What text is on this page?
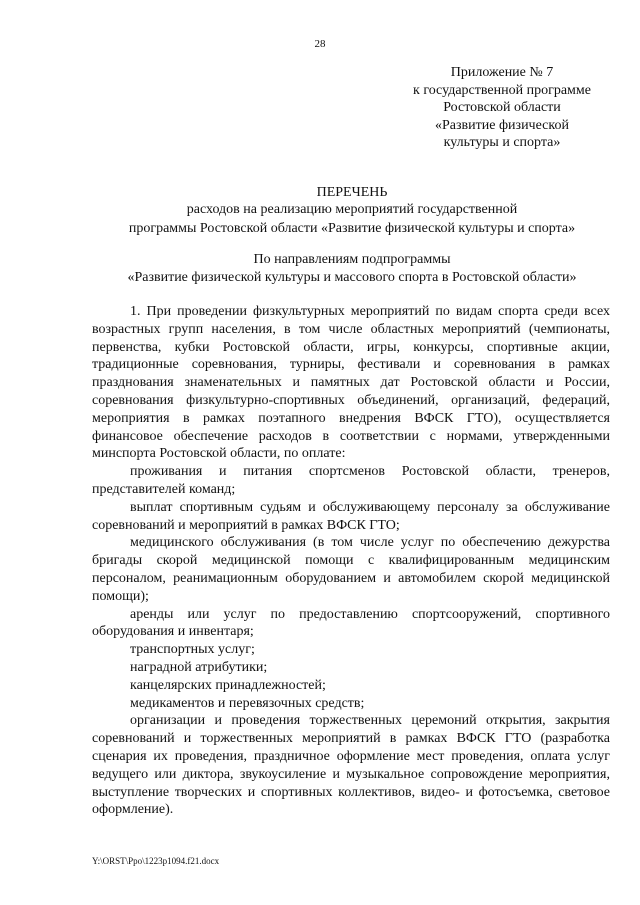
28
Приложение № 7
к государственной программе
Ростовской области
«Развитие физической
культуры и спорта»
ПЕРЕЧЕНЬ
расходов на реализацию мероприятий государственной
программы Ростовской области «Развитие физической культуры и спорта»
По направлениям подпрограммы
«Развитие физической культуры и массового спорта в Ростовской области»

1. При проведении физкультурных мероприятий по видам спорта среди всех возрастных групп населения, в том числе областных мероприятий (чемпионаты, первенства, кубки Ростовской области, игры, конкурсы, спортивные акции, традиционные соревнования, турниры, фестивали и соревнования в рамках празднования знаменательных и памятных дат Ростовской области и России, соревнования физкультурно-спортивных объединений, организаций, федераций, мероприятия в рамках поэтапного внедрения ВФСК ГТО), осуществляется финансовое обеспечение расходов в соответствии с нормами, утвержденными минспорта Ростовской области, по оплате:

проживания и питания спортсменов Ростовской области, тренеров, представителей команд;

выплат спортивным судьям и обслуживающему персоналу за обслуживание соревнований и мероприятий в рамках ВФСК ГТО;

медицинского обслуживания (в том числе услуг по обеспечению дежурства бригады скорой медицинской помощи с квалифицированным медицинским персоналом, реанимационным оборудованием и автомобилем скорой медицинской помощи);

аренды или услуг по предоставлению спортсооружений, спортивного оборудования и инвентаря;

транспортных услуг;

наградной атрибутики;

канцелярских принадлежностей;

медикаментов и перевязочных средств;

организации и проведения торжественных церемоний открытия, закрытия соревнований и торжественных мероприятий в рамках ВФСК ГТО (разработка сценария их проведения, праздничное оформление мест проведения, оплата услуг ведущего или диктора, звукоусиление и музыкальное сопровождение мероприятия, выступление творческих и спортивных коллективов, видео- и фотосъемка, световое оформление).

Y:\ORST\Ppo\1223p1094.f21.docx
